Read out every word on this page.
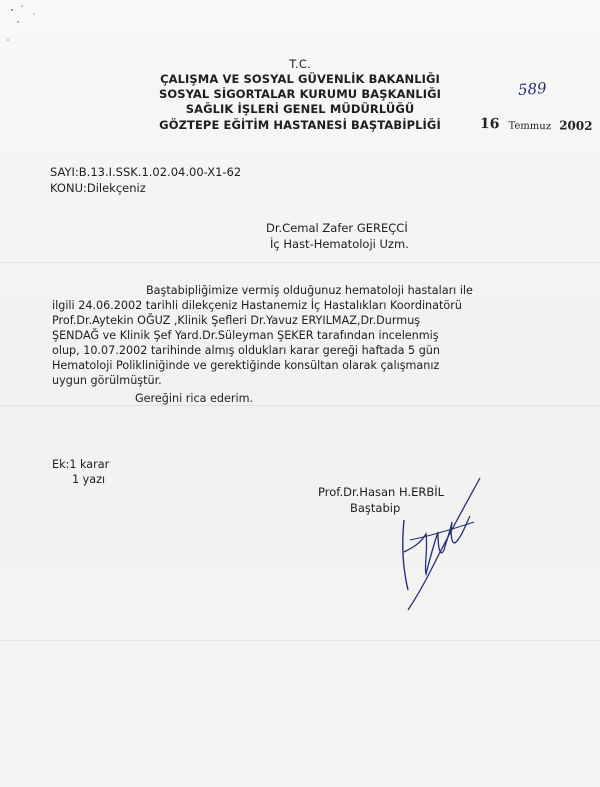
T.C.
ÇALIŞMA VE SOSYAL GÜVENLİK BAKANLIĞI
SOSYAL SİGORTALAR KURUMU BAŞKANLIĞI
SAĞLIK İŞLERİ GENEL MÜDÜRLÜĞÜ
GÖZTEPE EĞİTİM HASTANESİ BAŞTABİPLİĞİ
589
16 Temmuz 2002
SAYI:B.13.I.SSK.1.02.04.00-X1-62
KONU:Dilekçeniz
Dr.Cemal Zafer GEREÇCİ
İç Hast-Hematoloji Uzm.
Baştabipliğimize vermiş olduğunuz hematoloji hastaları ile
ilgili 24.06.2002 tarihli dilekçeniz Hastanemiz İç Hastalıkları Koordinatörü
Prof.Dr.Aytekin OĞUZ ,Klinik Şefleri Dr.Yavuz ERYILMAZ,Dr.Durmuş
ŞENDAĞ ve Klinik Şef Yard.Dr.Süleyman ŞEKER tarafından incelenmiş
olup, 10.07.2002 tarihinde almış oldukları karar gereği haftada 5 gün
Hematoloji Polikliniğinde ve gerektiğinde konsültan olarak çalışmanız
uygun görülmüştür.
Gereğini rica ederim.
Ek:1 karar
1 yazı
Prof.Dr.Hasan H.ERBİL
Baştabip
